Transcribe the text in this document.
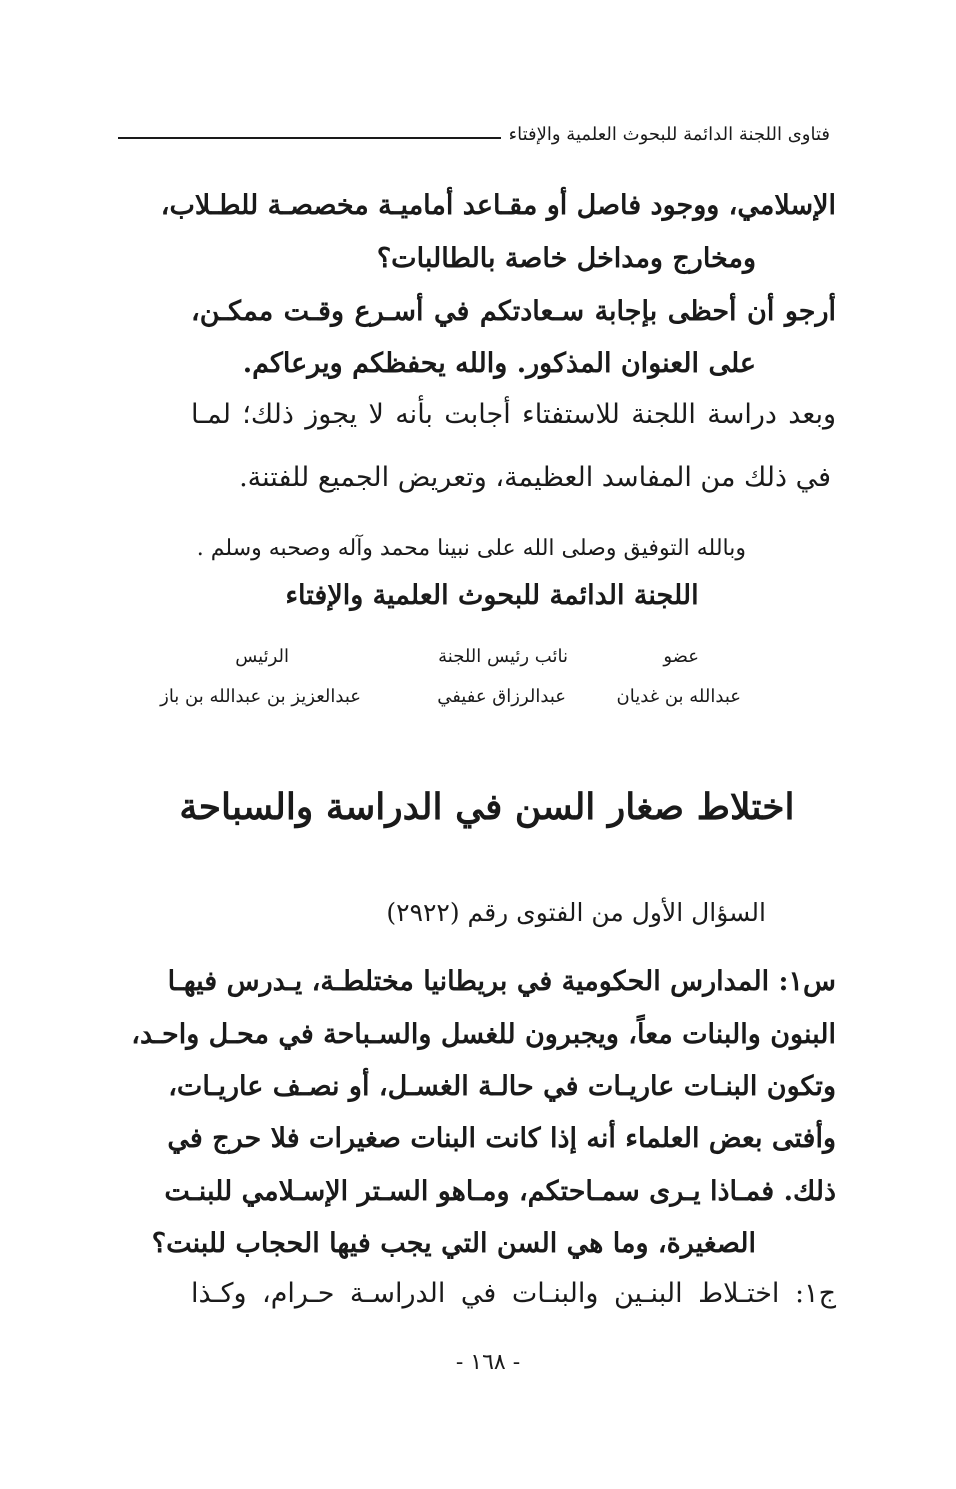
فتاوى اللجنة الدائمة للبحوث العلمية والإفتاء
الإسلامي، ووجود فاصل أو مقـاعد أماميـة مخصصـة للطـلاب،
ومخارج ومداخل خاصة بالطالبات؟
أرجو أن أحظى بإجابة سـعادتكم في أسـرع وقـت ممكـن،
على العنوان المذكور. والله يحفظكم ويرعاكم.
وبعد دراسة اللجنة للاستفتاء أجابت بأنه لا يجوز ذلك؛ لمـا
في ذلك من المفاسد العظيمة، وتعريض الجميع للفتنة.
وبالله التوفيق وصلى الله على نبينا محمد وآله وصحبه وسلم .
اللجنة الدائمة للبحوث العلمية والإفتاء
عضو
نائب رئيس اللجنة
الرئيس
عبدالله بن غديان
عبدالرزاق عفيفي
عبدالعزيز بن عبدالله بن باز
اختلاط صغار السن في الدراسة والسباحة
السؤال الأول من الفتوى رقم (٢٩٢٢)
س١: المدارس الحكومية في بريطانيا مختلطـة، يـدرس فيهـا
البنون والبنات معاً، ويجبرون للغسل والسـباحة في محـل واحـد،
وتكون البنـات عاريـات في حالـة الغسـل، أو نصـف عاريـات،
وأفتى بعض العلماء أنه إذا كانت البنات صغيرات فلا حرج في
ذلك. فمـاذا يـرى سمـاحتكم، ومـاهو السـتر الإسـلامي للبنـت
الصغيرة، وما هي السن التي يجب فيها الحجاب للبنت؟
ج١: اختـلاط البنـين والبنـات في الدراسـة حـرام، وكـذا
- ١٦٨ -
